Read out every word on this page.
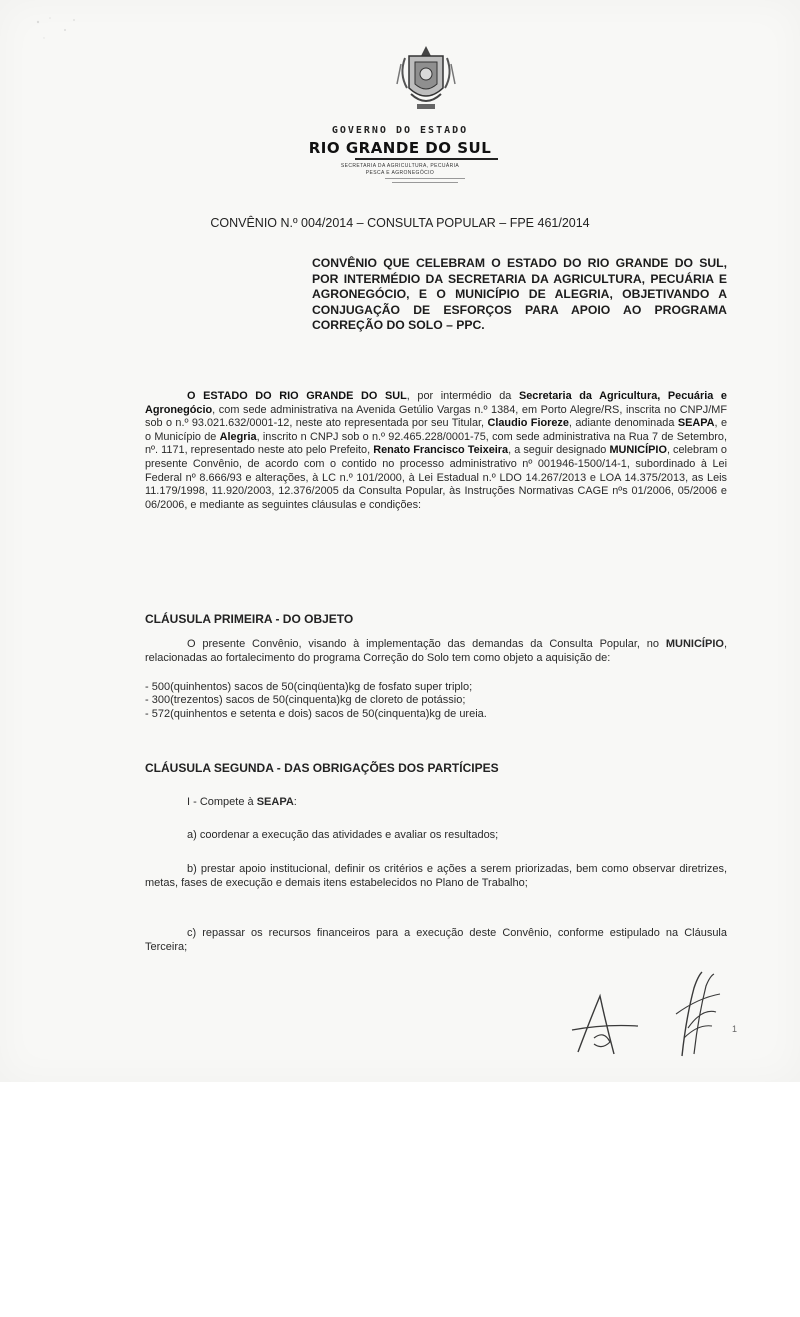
GOVERNO DO ESTADO
RIO GRANDE DO SUL
SECRETARIA DA AGRICULTURA, PECUÁRIA
PESCA E AGRONEGÓCIO
CONVÊNIO N.º 004/2014 – CONSULTA POPULAR – FPE 461/2014
CONVÊNIO QUE CELEBRAM O ESTADO DO RIO GRANDE DO SUL, POR INTERMÉDIO DA SECRETARIA DA AGRICULTURA, PECUÁRIA E AGRONEGÓCIO, E O MUNICÍPIO DE ALEGRIA, OBJETIVANDO A CONJUGAÇÃO DE ESFORÇOS PARA APOIO AO PROGRAMA CORREÇÃO DO SOLO – PPC.
O ESTADO DO RIO GRANDE DO SUL, por intermédio da Secretaria da Agricultura, Pecuária e Agronegócio, com sede administrativa na Avenida Getúlio Vargas n.º 1384, em Porto Alegre/RS, inscrita no CNPJ/MF sob o n.º 93.021.632/0001-12, neste ato representada por seu Titular, Claudio Fioreze, adiante denominada SEAPA, e o Município de Alegria, inscrito n CNPJ sob o n.º 92.465.228/0001-75, com sede administrativa na Rua 7 de Setembro, nº. 1171, representado neste ato pelo Prefeito, Renato Francisco Teixeira, a seguir designado MUNICÍPIO, celebram o presente Convênio, de acordo com o contido no processo administrativo nº 001946-1500/14-1, subordinado à Lei Federal nº 8.666/93 e alterações, à LC n.º 101/2000, à Lei Estadual n.º LDO 14.267/2013 e LOA 14.375/2013, as Leis 11.179/1998, 11.920/2003, 12.376/2005 da Consulta Popular, às Instruções Normativas CAGE nºs 01/2006, 05/2006 e 06/2006, e mediante as seguintes cláusulas e condições:
CLÁUSULA PRIMEIRA - DO OBJETO
O presente Convênio, visando à implementação das demandas da Consulta Popular, no MUNICÍPIO, relacionadas ao fortalecimento do programa Correção do Solo tem como objeto a aquisição de:
- 500(quinhentos) sacos de 50(cinqüenta)kg de fosfato super triplo;
- 300(trezentos) sacos de 50(cinquenta)kg de cloreto de potássio;
- 572(quinhentos e setenta e dois) sacos de 50(cinquenta)kg de ureia.
CLÁUSULA SEGUNDA - DAS OBRIGAÇÕES DOS PARTÍCIPES
I - Compete à SEAPA:
a) coordenar a execução das atividades e avaliar os resultados;
b) prestar apoio institucional, definir os critérios e ações a serem priorizadas, bem como observar diretrizes, metas, fases de execução e demais itens estabelecidos no Plano de Trabalho;
c) repassar os recursos financeiros para a execução deste Convênio, conforme estipulado na Cláusula Terceira;
1
